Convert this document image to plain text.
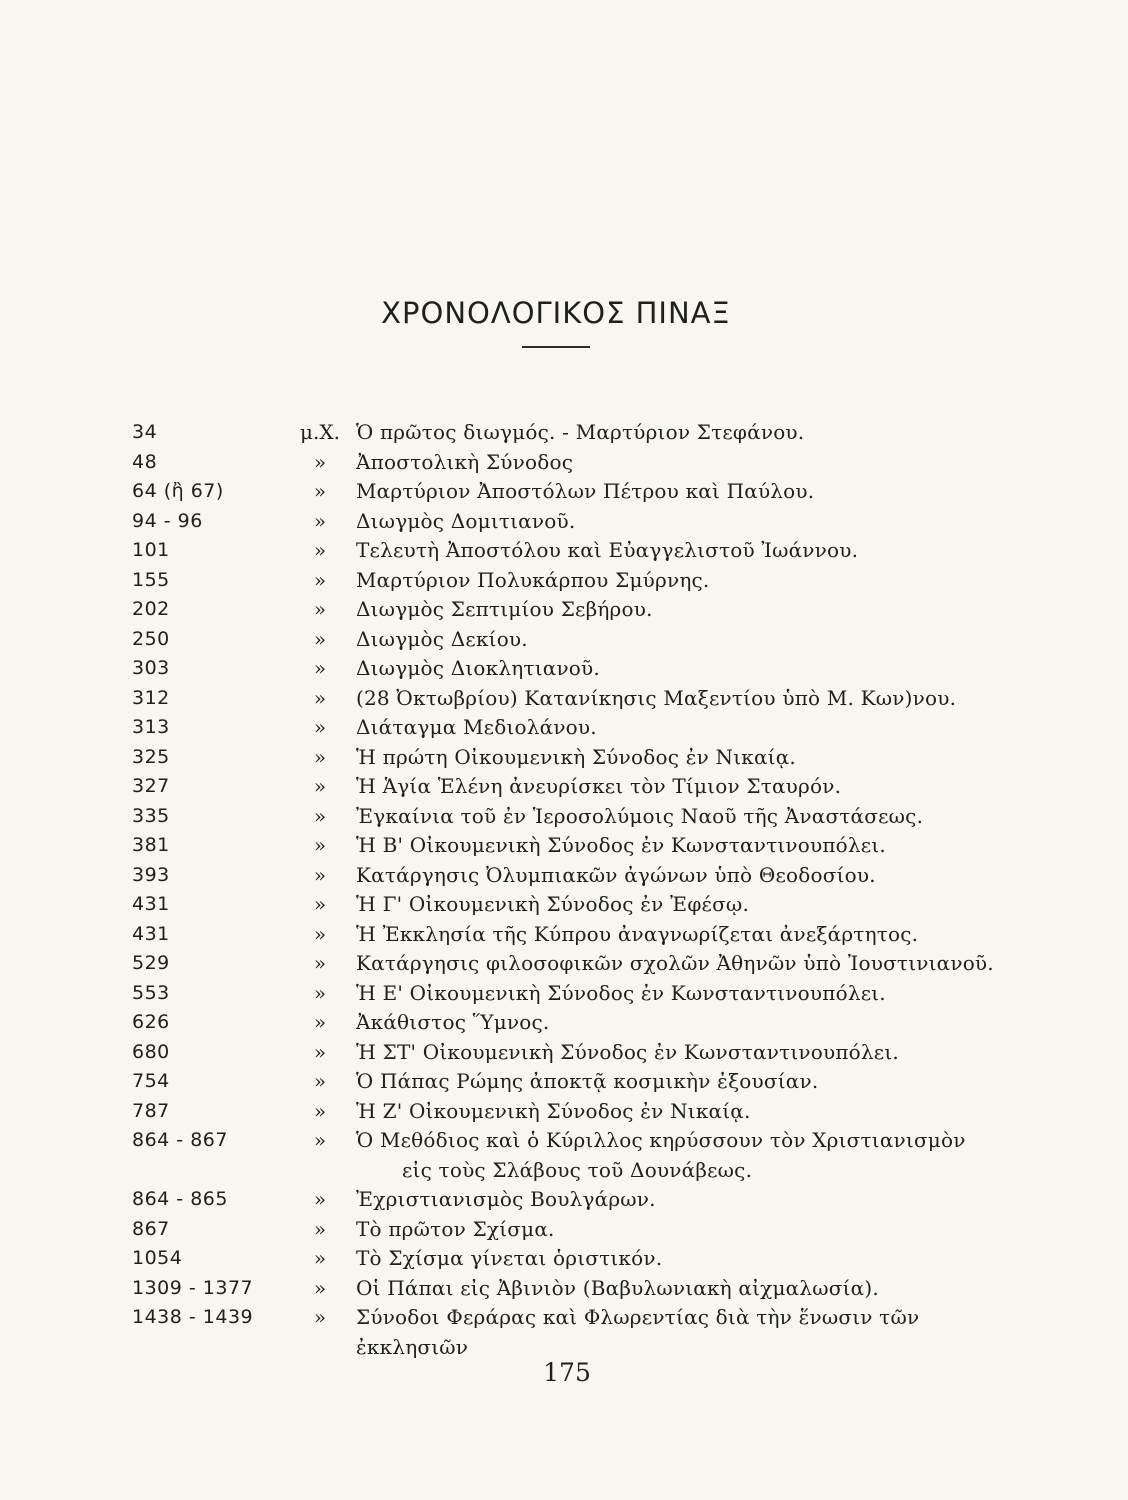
ΧΡΟΝΟΛΟΓΙΚΟΣ ΠΙΝΑΞ
34	μ.Χ. Ὁ πρῶτος διωγμός. - Μαρτύριον Στεφάνου.
48	»	Ἀποστολικὴ Σύνοδος
64 (ἢ 67)	»	Μαρτύριον Ἀποστόλων Πέτρου καὶ Παύλου.
94 - 96	»	Διωγμὸς Δομιτιανοῦ.
101	»	Τελευτὴ Ἀποστόλου καὶ Εὐαγγελιστοῦ Ἰωάννου.
155	»	Μαρτύριον Πολυκάρπου Σμύρνης.
202	»	Διωγμὸς Σεπτιμίου Σεβήρου.
250	»	Διωγμὸς Δεκίου.
303	»	Διωγμὸς Διοκλητιανοῦ.
312	»	(28 Ὀκτωβρίου) Κατανίκησις Μαξεντίου ὑπὸ Μ. Κων)νου.
313	»	Διάταγμα Μεδιολάνου.
325	»	Ἡ πρώτη Οἰκουμενικὴ Σύνοδος ἐν Νικαίᾳ.
327	»	Ἡ Ἁγία Ἑλένη ἀνευρίσκει τὸν Τίμιον Σταυρόν.
335	»	Ἐγκαίνια τοῦ ἐν Ἱεροσολύμοις Ναοῦ τῆς Ἀναστάσεως.
381	»	Ἡ Β' Οἰκουμενικὴ Σύνοδος ἐν Κωνσταντινουπόλει.
393	»	Κατάργησις Ὀλυμπιακῶν ἀγώνων ὑπὸ Θεοδοσίου.
431	»	Ἡ Γ' Οἰκουμενικὴ Σύνοδος ἐν Ἐφέσῳ.
431	»	Ἡ Ἐκκλησία τῆς Κύπρου ἀναγνωρίζεται ἀνεξάρτητος.
529	»	Κατάργησις φιλοσοφικῶν σχολῶν Ἀθηνῶν ὑπὸ Ἰουστινιανοῦ.
553	»	Ἡ Ε' Οἰκουμενικὴ Σύνοδος ἐν Κωνσταντινουπόλει.
626	»	Ἀκάθιστος Ὕμνος.
680	»	Ἡ ΣΤ' Οἰκουμενικὴ Σύνοδος ἐν Κωνσταντινουπόλει.
754	»	Ὁ Πάπας Ρώμης ἀποκτᾷ κοσμικὴν ἐξουσίαν.
787	»	Ἡ Ζ' Οἰκουμενικὴ Σύνοδος ἐν Νικαίᾳ.
864 - 867	»	Ὁ Μεθόδιος καὶ ὁ Κύριλλος κηρύσσουν τὸν Χριστιανισμὸν
εἰς τοὺς Σλάβους τοῦ Δουνάβεως.
864 - 865	»	Ἐχριστιανισμὸς Βουλγάρων.
867	»	Τὸ πρῶτον Σχίσμα.
1054	»	Τὸ Σχίσμα γίνεται ὁριστικόν.
1309 - 1377	»	Οἱ Πάπαι εἰς Ἀβινιὸν (Βαβυλωνιακὴ αἰχμαλωσία).
1438 - 1439	»	Σύνοδοι Φεράρας καὶ Φλωρεντίας διὰ τὴν ἕνωσιν τῶν ἐκκλησιῶν
175
